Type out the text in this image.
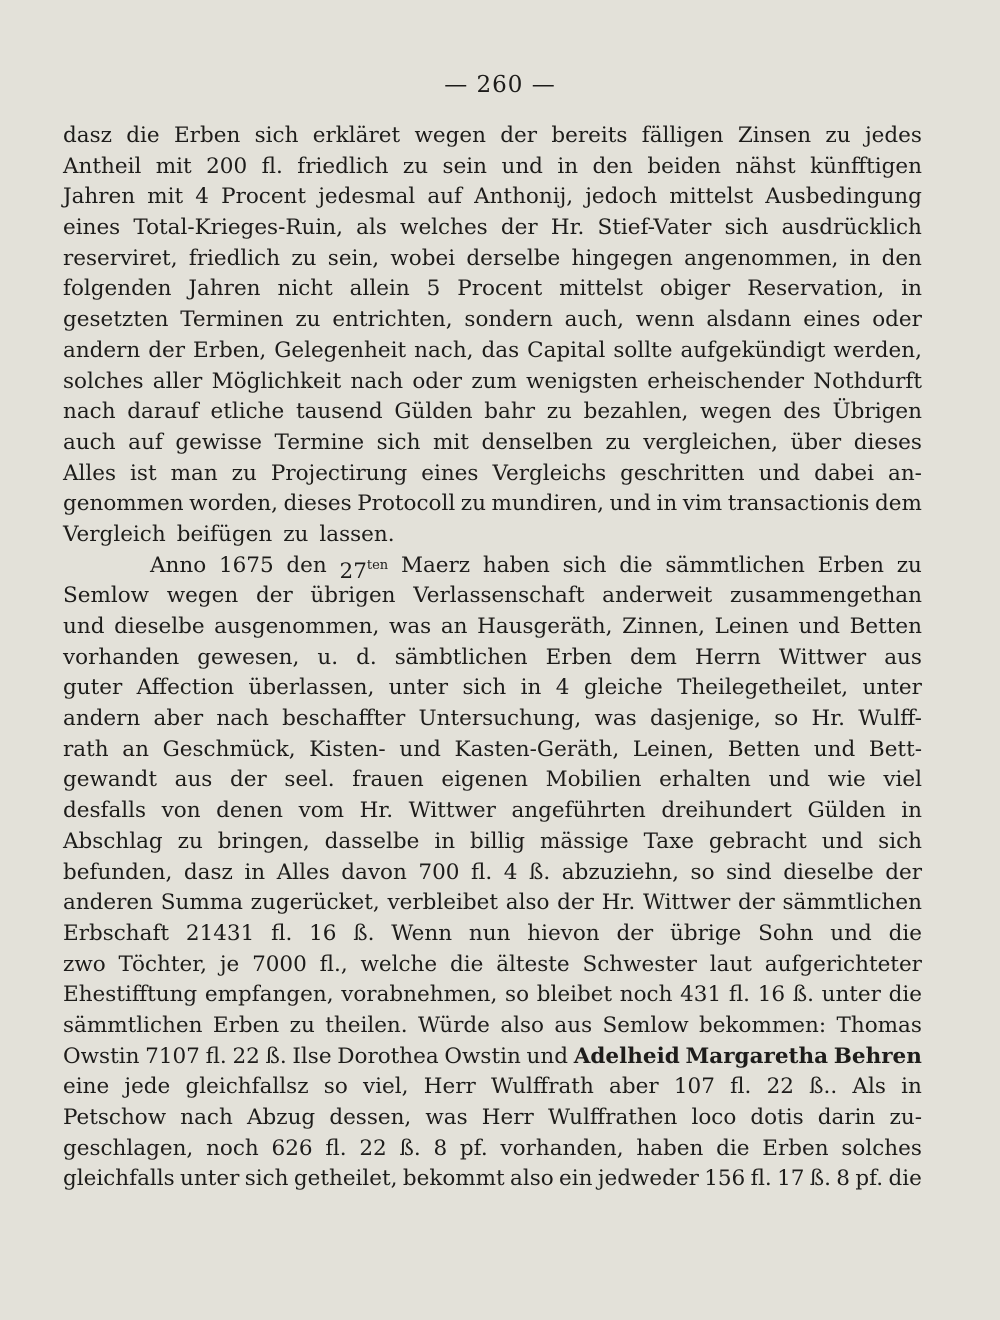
— 260 —
dasz die Erben sich erkläret wegen der bereits fälligen Zinsen zu jedes
Antheil mit 200 fl. friedlich zu sein und in den beiden nähst künfftigen
Jahren mit 4 Procent jedesmal auf Anthonij, jedoch mittelst Ausbedingung
eines Total-Krieges-Ruin, als welches der Hr. Stief-Vater sich ausdrücklich
reserviret, friedlich zu sein, wobei derselbe hingegen angenommen, in den
folgenden Jahren nicht allein 5 Procent mittelst obiger Reservation, in
gesetzten Terminen zu entrichten, sondern auch, wenn alsdann eines oder
andern der Erben, Gelegenheit nach, das Capital sollte aufgekündigt werden,
solches aller Möglichkeit nach oder zum wenigsten erheischender Nothdurft
nach darauf etliche tausend Gülden bahr zu bezahlen, wegen des Übrigen
auch auf gewisse Termine sich mit denselben zu vergleichen, über dieses
Alles ist man zu Projectirung eines Vergleichs geschritten und dabei an-
genommen worden, dieses Protocoll zu mundiren, und in vim transactionis dem
Vergleich beifügen zu lassen.
Anno 1675 den 27ten Maerz haben sich die sämmtlichen Erben zu
Semlow wegen der übrigen Verlassenschaft anderweit zusammengethan
und dieselbe ausgenommen, was an Hausgeräth, Zinnen, Leinen und Betten
vorhanden gewesen, u. d. sämbtlichen Erben dem Herrn Wittwer aus
guter Affection überlassen, unter sich in 4 gleiche Theilegetheilet, unter
andern aber nach beschaffter Untersuchung, was dasjenige, so Hr. Wulff-
rath an Geschmück, Kisten- und Kasten-Geräth, Leinen, Betten und Bett-
gewandt aus der seel. frauen eigenen Mobilien erhalten und wie viel
desfalls von denen vom Hr. Wittwer angeführten dreihundert Gülden in
Abschlag zu bringen, dasselbe in billig mässige Taxe gebracht und sich
befunden, dasz in Alles davon 700 fl. 4 ß. abzuziehn, so sind dieselbe der
anderen Summa zugerücket, verbleibet also der Hr. Wittwer der sämmtlichen
Erbschaft 21431 fl. 16 ß. Wenn nun hievon der übrige Sohn und die
zwo Töchter, je 7000 fl., welche die älteste Schwester laut aufgerichteter
Ehestifftung empfangen, vorabnehmen, so bleibet noch 431 fl. 16 ß. unter die
sämmtlichen Erben zu theilen. Würde also aus Semlow bekommen: Thomas
Owstin 7107 fl. 22 ß. Ilse Dorothea Owstin und Adelheid Margaretha Behren
eine jede gleichfallsz so viel, Herr Wulffrath aber 107 fl. 22 ß.. Als in
Petschow nach Abzug dessen, was Herr Wulffrathen loco dotis darin zu-
geschlagen, noch 626 fl. 22 ß. 8 pf. vorhanden, haben die Erben solches
gleichfalls unter sich getheilet, bekommt also ein jedweder 156 fl. 17 ß. 8 pf. die
